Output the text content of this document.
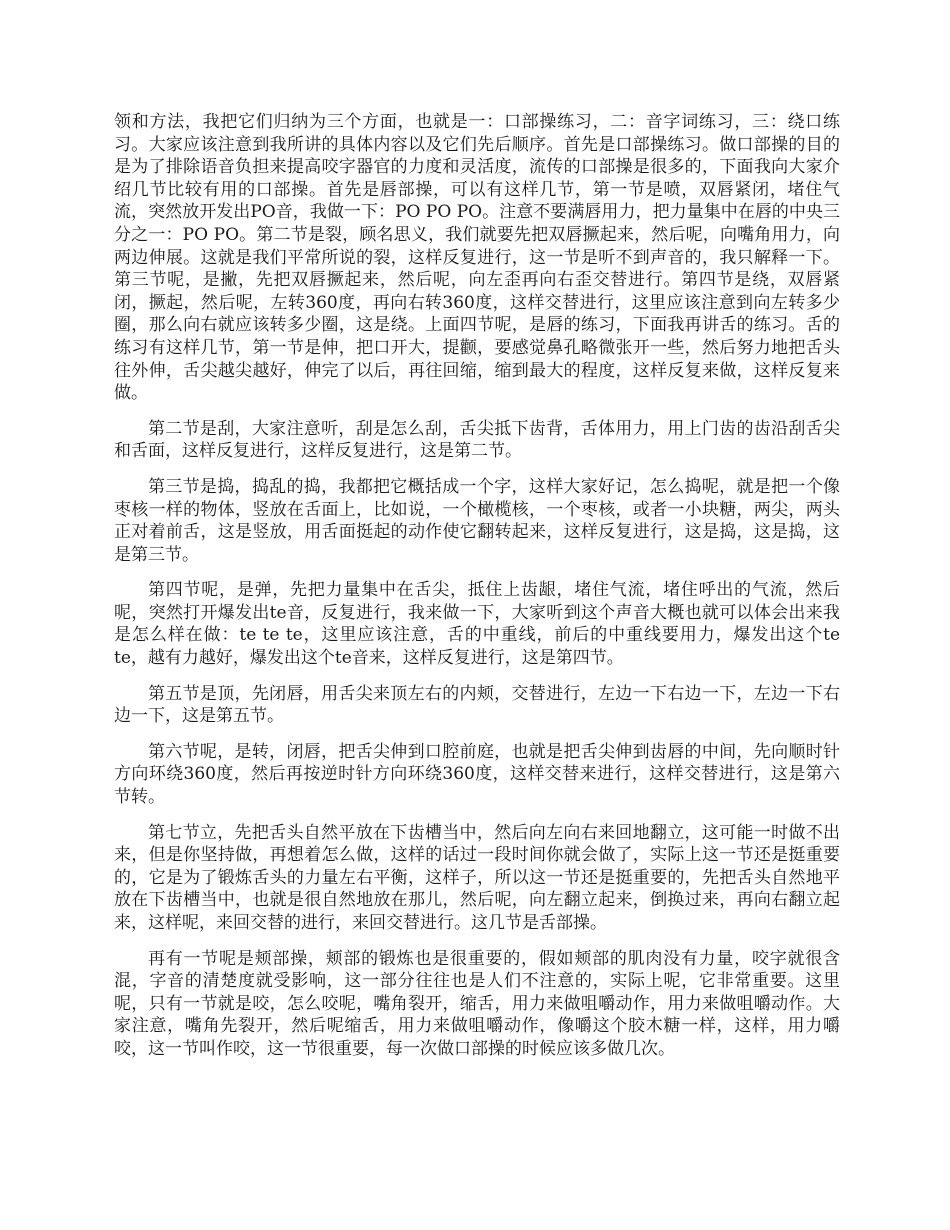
领和方法，我把它们归纳为三个方面，也就是一：口部操练习，二：音字词练习，三：绕口练习。大家应该注意到我所讲的具体内容以及它们先后顺序。首先是口部操练习。做口部操的目的是为了排除语音负担来提高咬字器官的力度和灵活度，流传的口部操是很多的，下面我向大家介绍几节比较有用的口部操。首先是唇部操，可以有这样几节，第一节是喷，双唇紧闭，堵住气流，突然放开发出PO音，我做一下：PO PO PO。注意不要满唇用力，把力量集中在唇的中央三分之一：PO PO。第二节是裂，顾名思义，我们就要先把双唇撅起来，然后呢，向嘴角用力，向两边伸展。这就是我们平常所说的裂，这样反复进行，这一节是听不到声音的，我只解释一下。第三节呢，是撇，先把双唇撅起来，然后呢，向左歪再向右歪交替进行。第四节是绕，双唇紧闭，撅起，然后呢，左转360度，再向右转360度，这样交替进行，这里应该注意到向左转多少圈，那么向右就应该转多少圈，这是绕。上面四节呢，是唇的练习，下面我再讲舌的练习。舌的练习有这样几节，第一节是伸，把口开大，提颧，要感觉鼻孔略微张开一些，然后努力地把舌头往外伸，舌尖越尖越好，伸完了以后，再往回缩，缩到最大的程度，这样反复来做，这样反复来做。

第二节是刮，大家注意听，刮是怎么刮，舌尖抵下齿背，舌体用力，用上门齿的齿沿刮舌尖和舌面，这样反复进行，这样反复进行，这是第二节。

第三节是捣，捣乱的捣，我都把它概括成一个字，这样大家好记，怎么捣呢，就是把一个像枣核一样的物体，竖放在舌面上，比如说，一个橄榄核，一个枣核，或者一小块糖，两尖，两头正对着前舌，这是竖放，用舌面挺起的动作使它翻转起来，这样反复进行，这是捣，这是捣，这是第三节。

第四节呢，是弹，先把力量集中在舌尖，抵住上齿龈，堵住气流，堵住呼出的气流，然后呢，突然打开爆发出te音，反复进行，我来做一下，大家听到这个声音大概也就可以体会出来我是怎么样在做：te te te，这里应该注意，舌的中重线，前后的中重线要用力，爆发出这个te te，越有力越好，爆发出这个te音来，这样反复进行，这是第四节。

第五节是顶，先闭唇，用舌尖来顶左右的内颊，交替进行，左边一下右边一下，左边一下右边一下，这是第五节。

第六节呢，是转，闭唇，把舌尖伸到口腔前庭，也就是把舌尖伸到齿唇的中间，先向顺时针方向环绕360度，然后再按逆时针方向环绕360度，这样交替来进行，这样交替进行，这是第六节转。

第七节立，先把舌头自然平放在下齿槽当中，然后向左向右来回地翻立，这可能一时做不出来，但是你坚持做，再想着怎么做，这样的话过一段时间你就会做了，实际上这一节还是挺重要的，它是为了锻炼舌头的力量左右平衡，这样子，所以这一节还是挺重要的，先把舌头自然地平放在下齿槽当中，也就是很自然地放在那儿，然后呢，向左翻立起来，倒换过来，再向右翻立起来，这样呢，来回交替的进行，来回交替进行。这几节是舌部操。

再有一节呢是颊部操，颊部的锻炼也是很重要的，假如颊部的肌肉没有力量，咬字就很含混，字音的清楚度就受影响，这一部分往往也是人们不注意的，实际上呢，它非常重要。这里呢，只有一节就是咬，怎么咬呢，嘴角裂开，缩舌，用力来做咀嚼动作，用力来做咀嚼动作。大家注意，嘴角先裂开，然后呢缩舌，用力来做咀嚼动作，像嚼这个胶木糖一样，这样，用力嚼咬，这一节叫作咬，这一节很重要，每一次做口部操的时候应该多做几次。
